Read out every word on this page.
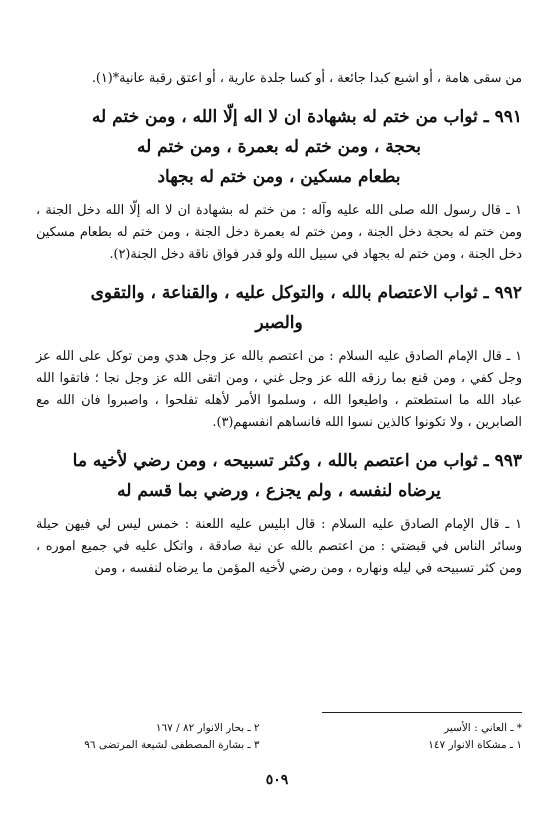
من سقى هامة ، أو اشبع كبدا جائعة ، أو كسا جلدة عارية ، أو اعتق رقبة عانية*(١).

٩٩١ ـ ثواب من ختم له بشهادة ان لا اله إلّا الله ، ومن ختم له

بحجة ، ومن ختم له بعمرة ، ومن ختم له

بطعام مسكين ، ومن ختم له بجهاد

١ ـ قال رسول الله صلى الله عليه وآله : من ختم له بشهادة ان لا اله إلّا الله دخل الجنة ، ومن ختم له بحجة دخل الجنة ، ومن ختم له بعمرة دخل الجنة ، ومن ختم له بطعام مسكين دخل الجنة ، ومن ختم له بجهاد في سبيل الله ولو قدر فواق ناقة دخل الجنة(٢).

٩٩٢ ـ ثواب الاعتصام بالله ، والتوكل عليه ، والقناعة ، والتقوى

والصبر

١ ـ قال الإمام الصادق عليه السلام : من اعتصم بالله عز وجل هدي ومن توكل على الله عز وجل كفي ، ومن قنع بما رزقه الله عز وجل غني ، ومن اتقى الله عز وجل نجا ؛ فاتقوا الله عباد الله ما استطعتم ، واطيعوا الله ، وسلموا الأمر لأهله تفلحوا ، واصبروا فان الله مع الصابرين ، ولا تكونوا كالذين نسوا الله فانساهم انفسهم(٣).

٩٩٣ ـ ثواب من اعتصم بالله ، وكثر تسبيحه ، ومن رضي لأخيه ما

يرضاه لنفسه ، ولم يجزع ، ورضي بما قسم له

١ ـ قال الإمام الصادق عليه السلام : قال ابليس عليه اللعنة : خمس ليس لي فيهن حيلة وسائر الناس في قبضتي : من اعتصم بالله عن نية صادقة ، واتكل عليه في جميع اموره ، ومن كثر تسبيحه في ليله ونهاره ، ومن رضي لأخيه المؤمن ما يرضاه لنفسه ، ومن

* ـ العاني : الأسير

١ ـ مشكاة الانوار ١٤٧

٢ ـ بحار الانوار ٨٢ / ١٦٧

٣ ـ بشارة المصطفى لشيعة المرتضى ٩٦

٥٠٩
